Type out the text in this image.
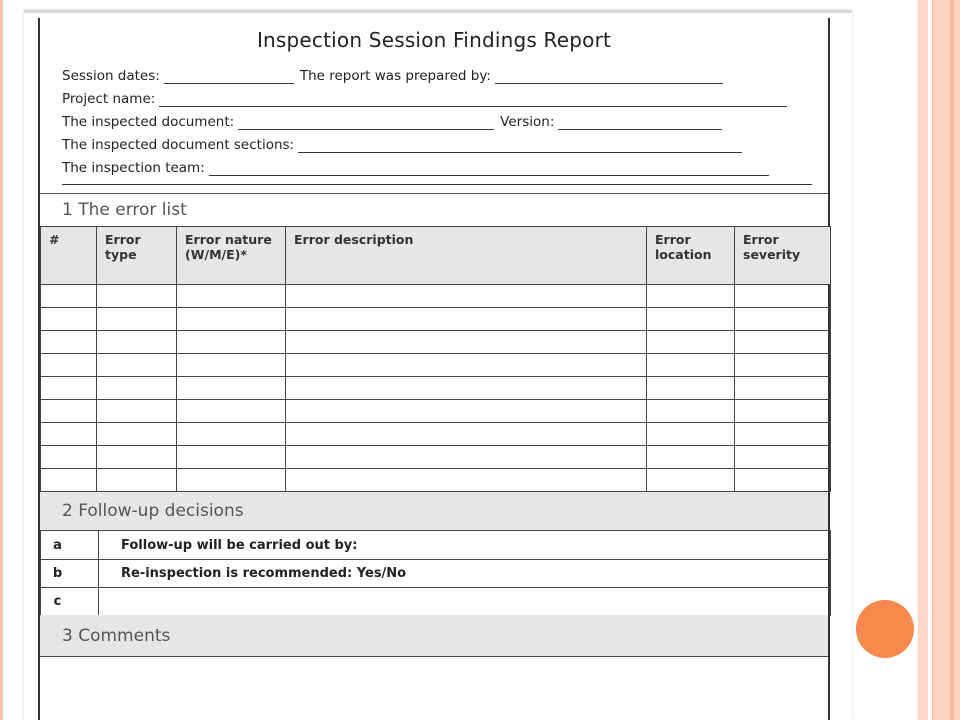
Inspection Session Findings Report
Session dates:	The report was prepared by:
Project name:
The inspected document:	Version:
The inspected document sections:
The inspection team:
1 The error list
#	Error type	Error nature (W/M/E)*	Error description	Error location	Error severity

2 Follow-up decisions
a	Follow-up will be carried out by:
b	Re-inspection is recommended: Yes/No
c	
3 Comments
